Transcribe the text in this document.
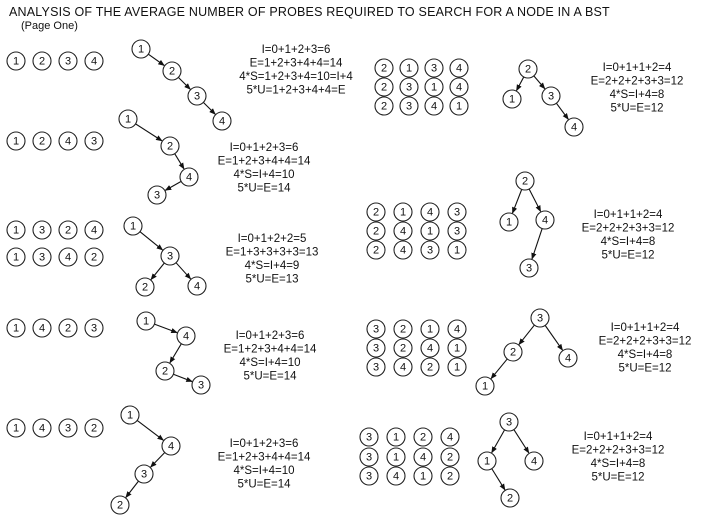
ANALYSIS OF THE AVERAGE NUMBER OF PROBES REQUIRED TO SEARCH FOR A NODE IN A BST
(Page One)
1 2 3 4
1
2
3
4
I=0+1+2+3=6
E=1+2+3+4+4=14
4*S=1+2+3+4=10=I+4
5*U=1+2+3+4+4=E
1 2 4 3
1
2
4
3
I=0+1+2+3=6
E=1+2+3+4+4=14
4*S=I+4=10
5*U=E=14
1 3 2 4
1 3 4 2
1
3
2	4
I=0+1+2+2=5
E=1+3+3+3+3=13
4*S=I+4=9
5*U=E=13
1 4 2 3
1
4
2
3
I=0+1+2+3=6
E=1+2+3+4+4=14
4*S=I+4=10
5*U=E=14
1 4 3 2
1
4
3
2
I=0+1+2+3=6
E=1+2+3+4+4=14
4*S=I+4=10
5*U=E=14
2 1 3 4
2 3 1 4
2 3 4 1
2
1	3
4
I=0+1+1+2=4
E=2+2+2+3+3=12
4*S=I+4=8
5*U=E=12
2 1 4 3
2 4 1 3
2 4 3 1
2
1	4
3
I=0+1+1+2=4
E=2+2+2+3+3=12
4*S=I+4=8
5*U=E=12
3 2 1 4
3 2 4 1
3 4 2 1
3
2	4
1
I=0+1+1+2=4
E=2+2+2+3+3=12
4*S=I+4=8
5*U=E=12
3 1 2 4
3 1 4 2
3 4 1 2
3
1	4
2
I=0+1+1+2=4
E=2+2+2+3+3=12
4*S=I+4=8
5*U=E=12
